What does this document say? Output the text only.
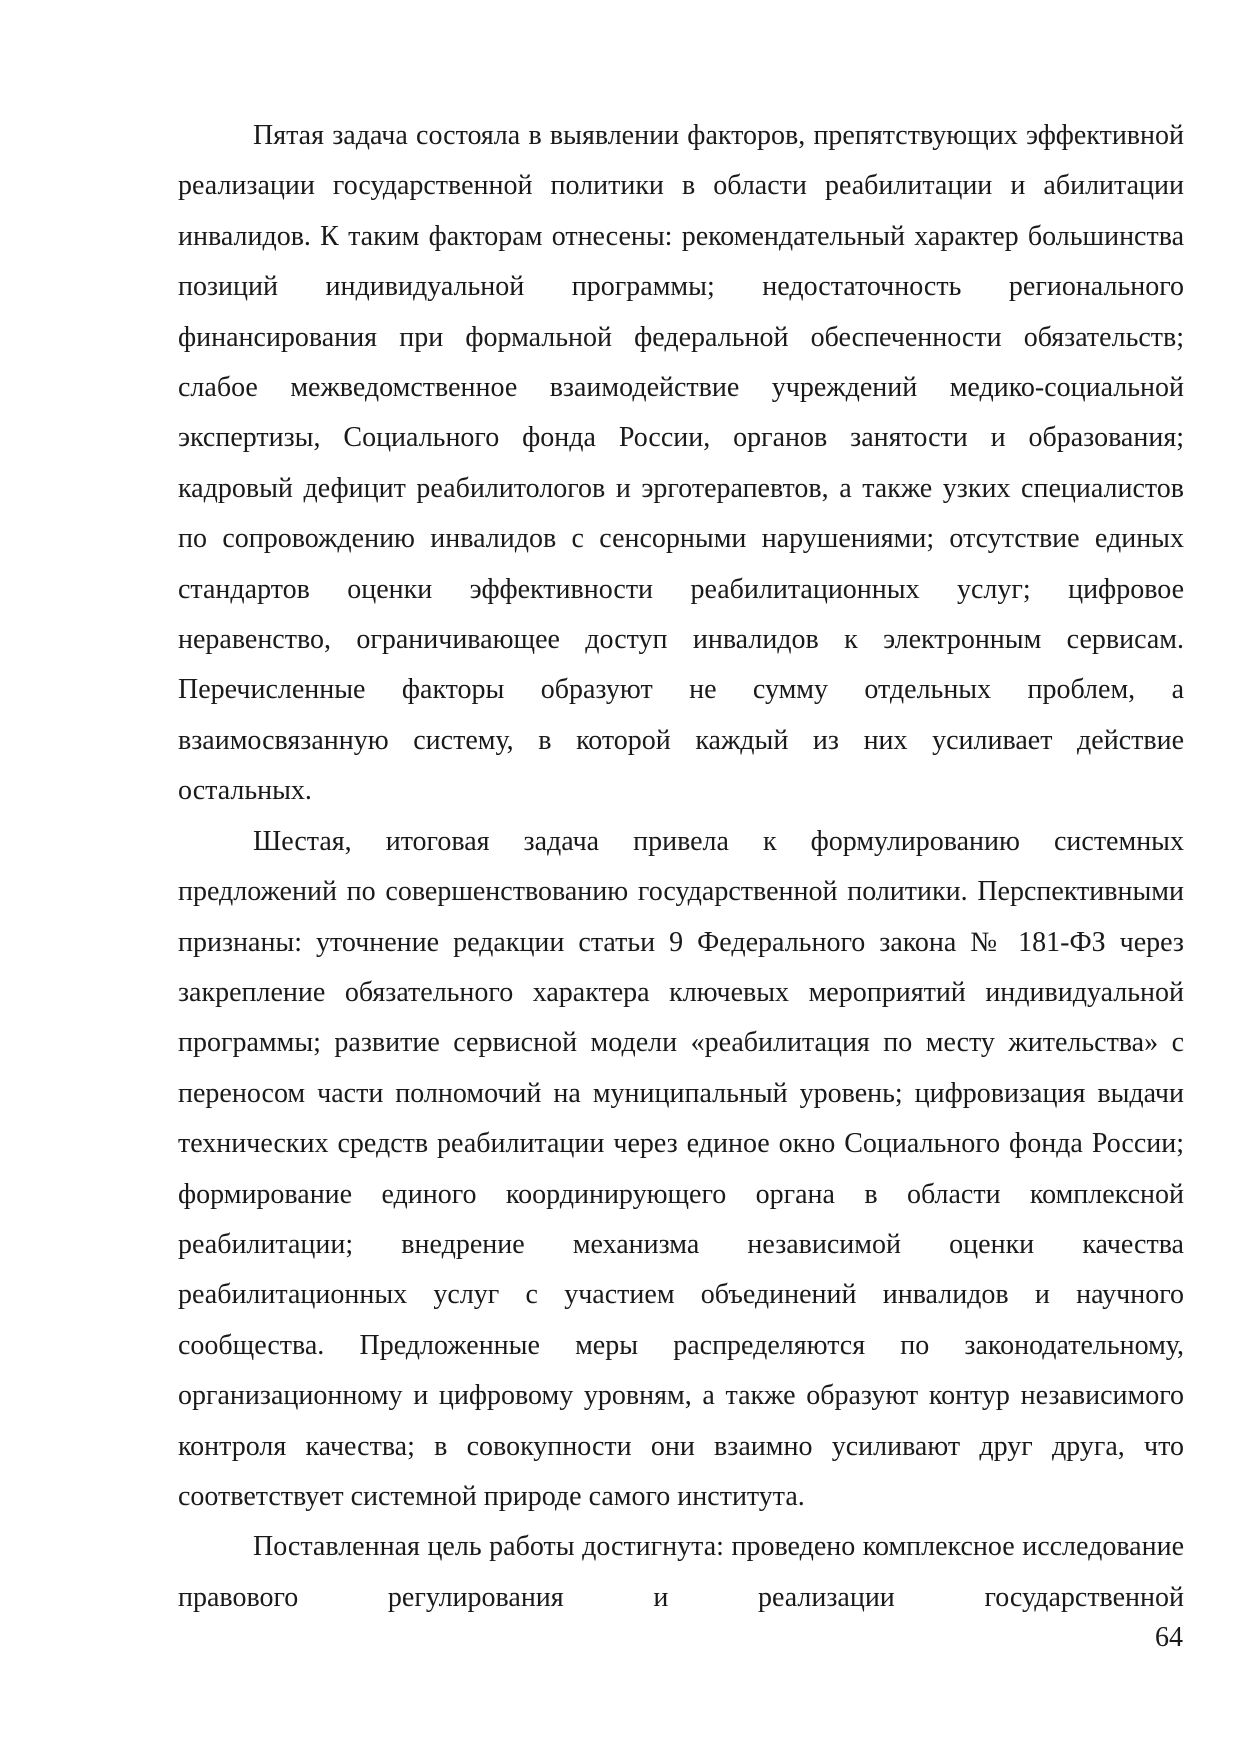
Пятая задача состояла в выявлении факторов, препятствующих эффективной реализации государственной политики в области реабилитации и абилитации инвалидов. К таким факторам отнесены: рекомендательный характер большинства позиций индивидуальной программы; недостаточность регионального финансирования при формальной федеральной обеспеченности обязательств; слабое межведомственное взаимодействие учреждений медико-социальной экспертизы, Социального фонда России, органов занятости и образования; кадровый дефицит реабилитологов и эрготерапевтов, а также узких специалистов по сопровождению инвалидов с сенсорными нарушениями; отсутствие единых стандартов оценки эффективности реабилитационных услуг; цифровое неравенство, ограничивающее доступ инвалидов к электронным сервисам. Перечисленные факторы образуют не сумму отдельных проблем, а взаимосвязанную систему, в которой каждый из них усиливает действие остальных.

Шестая, итоговая задача привела к формулированию системных предложений по совершенствованию государственной политики. Перспективными признаны: уточнение редакции статьи 9 Федерального закона № 181-ФЗ через закрепление обязательного характера ключевых мероприятий индивидуальной программы; развитие сервисной модели «реабилитация по месту жительства» с переносом части полномочий на муниципальный уровень; цифровизация выдачи технических средств реабилитации через единое окно Социального фонда России; формирование единого координирующего органа в области комплексной реабилитации; внедрение механизма независимой оценки качества реабилитационных услуг с участием объединений инвалидов и научного сообщества. Предложенные меры распределяются по законодательному, организационному и цифровому уровням, а также образуют контур независимого контроля качества; в совокупности они взаимно усиливают друг друга, что соответствует системной природе самого института.

Поставленная цель работы достигнута: проведено комплексное исследование правового регулирования и реализации государственной

64
